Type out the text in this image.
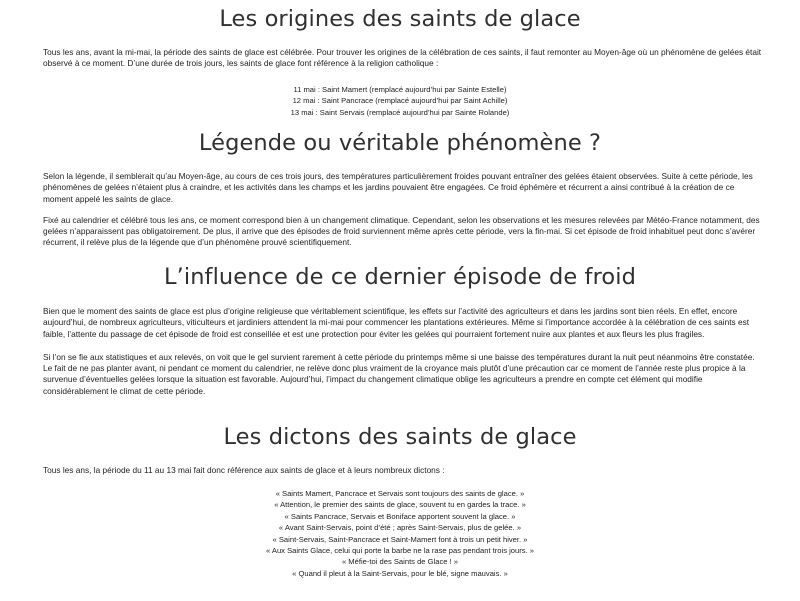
Les origines des saints de glace

Tous les ans, avant la mi-mai, la période des saints de glace est célébrée. Pour trouver les origines de la célébration de ces saints, il faut remonter au Moyen-âge où un phénomène de gelées était observé à ce moment. D’une durée de trois jours, les saints de glace font référence à la religion catholique :

11 mai : Saint Mamert (remplacé aujourd’hui par Sainte Estelle)
12 mai : Saint Pancrace (remplacé aujourd’hui par Saint Achille)
13 mai : Saint Servais (remplacé aujourd’hui par Sainte Rolande)
Légende ou véritable phénomène ?

Selon la légende, il semblerait qu’au Moyen-âge, au cours de ces trois jours, des températures particulièrement froides pouvant entraîner des gelées étaient observées. Suite à cette période, les phénomènes de gelées n’étaient plus à craindre, et les activités dans les champs et les jardins pouvaient être engagées. Ce froid éphémère et récurrent a ainsi contribué à la création de ce moment appelé les saints de glace.

Fixé au calendrier et célébré tous les ans, ce moment correspond bien à un changement climatique. Cependant, selon les observations et les mesures relevées par Météo-France notamment, des gelées n’apparaissent pas obligatoirement. De plus, il arrive que des épisodes de froid surviennent même après cette période, vers la fin-mai. Si cet épisode de froid inhabituel peut donc s’avérer récurrent, il relève plus de la légende que d’un phénomène prouvé scientifiquement.

L’influence de ce dernier épisode de froid

Bien que le moment des saints de glace est plus d’origine religieuse que véritablement scientifique, les effets sur l’activité des agriculteurs et dans les jardins sont bien réels. En effet, encore aujourd’hui, de nombreux agriculteurs, viticulteurs et jardiniers attendent la mi-mai pour commencer les plantations extérieures. Même si l’importance accordée à la célébration de ces saints est faible, l’attente du passage de cet épisode de froid est conseillée et est une protection pour éviter les gelées qui pourraient fortement nuire aux plantes et aux fleurs les plus fragiles.

Si l’on se fie aux statistiques et aux relevés, on voit que le gel survient rarement à cette période du printemps même si une baisse des températures durant la nuit peut néanmoins être constatée. Le fait de ne pas planter avant, ni pendant ce moment du calendrier, ne relève donc plus vraiment de la croyance mais plutôt d’une précaution car ce moment de l’année reste plus propice à la survenue d’éventuelles gelées lorsque la situation est favorable. Aujourd’hui, l’impact du changement climatique oblige les agriculteurs a prendre en compte cet élément qui modifie considérablement le climat de cette période.

Les dictons des saints de glace

Tous les ans, la période du 11 au 13 mai fait donc référence aux saints de glace et à leurs nombreux dictons :

« Saints Mamert, Pancrace et Servais sont toujours des saints de glace. »
« Attention, le premier des saints de glace, souvent tu en gardes la trace. »
« Saints Pancrace, Servais et Boniface apportent souvent la glace. »
« Avant Saint-Servais, point d’été ; après Saint-Servais, plus de gelée. »
« Saint-Servais, Saint-Pancrace et Saint-Mamert font à trois un petit hiver. »
« Aux Saints Glace, celui qui porte la barbe ne la rase pas pendant trois jours. »
« Méfie-toi des Saints de Glace ! »
« Quand il pleut à la Saint-Servais, pour le blé, signe mauvais. »
